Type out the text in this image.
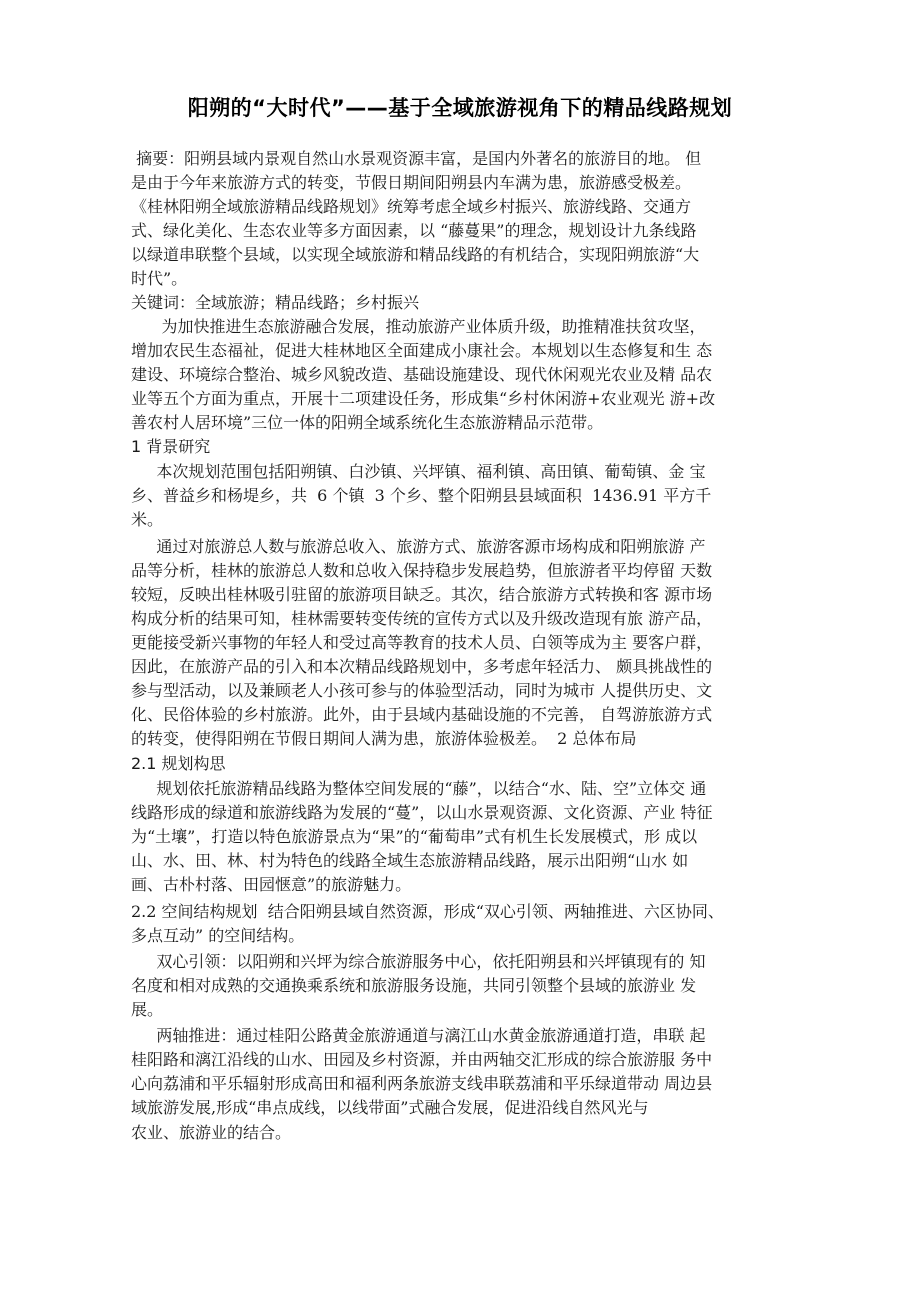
阳朔的“大时代”——基于全域旅游视角下的精品线路规划
摘要：阳朔县域内景观自然山水景观资源丰富，是国内外著名的旅游目的地。 但
是由于今年来旅游方式的转变，节假日期间阳朔县内车满为患，旅游感受极差。
《桂林阳朔全域旅游精品线路规划》统筹考虑全域乡村振兴、旅游线路、交通方
式、绿化美化、生态农业等多方面因素，以 “藤蔓果”的理念，规划设计九条线路
以绿道串联整个县域，以实现全域旅游和精品线路的有机结合，实现阳朔旅游“大
时代”。
关键词：全域旅游；精品线路；乡村振兴
为加快推进生态旅游融合发展，推动旅游产业体质升级，助推精准扶贫攻坚，
增加农民生态福祉，促进大桂林地区全面建成小康社会。本规划以生态修复和生 态
建设、环境综合整治、城乡风貌改造、基础设施建设、现代休闲观光农业及精 品农
业等五个方面为重点，开展十二项建设任务，形成集“乡村休闲游+农业观光 游+改
善农村人居环境”三位一体的阳朔全域系统化生态旅游精品示范带。
1 背景研究
本次规划范围包括阳朔镇、白沙镇、兴坪镇、福利镇、高田镇、葡萄镇、金 宝
乡、普益乡和杨堤乡，共  6 个镇  3 个乡、整个阳朔县县域面积  1436.91 平方千
米。
通过对旅游总人数与旅游总收入、旅游方式、旅游客源市场构成和阳朔旅游 产
品等分析，桂林的旅游总人数和总收入保持稳步发展趋势，但旅游者平均停留 天数
较短，反映出桂林吸引驻留的旅游项目缺乏。其次，结合旅游方式转换和客 源市场
构成分析的结果可知，桂林需要转变传统的宣传方式以及升级改造现有旅 游产品，
更能接受新兴事物的年轻人和受过高等教育的技术人员、白领等成为主 要客户群，
因此，在旅游产品的引入和本次精品线路规划中，多考虑年轻活力、 颇具挑战性的
参与型活动，以及兼顾老人小孩可参与的体验型活动，同时为城市 人提供历史、文
化、民俗体验的乡村旅游。此外，由于县域内基础设施的不完善， 自驾游旅游方式
的转变，使得阳朔在节假日期间人满为患，旅游体验极差。  2 总体布局
2.1 规划构思
规划依托旅游精品线路为整体空间发展的“藤”，以结合“水、陆、空”立体交 通
线路形成的绿道和旅游线路为发展的“蔓”，以山水景观资源、文化资源、产业 特征
为“土壤”，打造以特色旅游景点为“果”的“葡萄串”式有机生长发展模式，形 成以
山、水、田、林、村为特色的线路全域生态旅游精品线路，展示出阳朔“山水 如
画、古朴村落、田园惬意”的旅游魅力。
2.2 空间结构规划  结合阳朔县域自然资源，形成“双心引领、两轴推进、六区协同、
多点互动” 的空间结构。
双心引领：以阳朔和兴坪为综合旅游服务中心，依托阳朔县和兴坪镇现有的 知
名度和相对成熟的交通换乘系统和旅游服务设施，共同引领整个县域的旅游业 发
展。
两轴推进：通过桂阳公路黄金旅游通道与漓江山水黄金旅游通道打造，串联 起
桂阳路和漓江沿线的山水、田园及乡村资源，并由两轴交汇形成的综合旅游服 务中
心向荔浦和平乐辐射形成高田和福利两条旅游支线串联荔浦和平乐绿道带动 周边县
域旅游发展,形成“串点成线，以线带面”式融合发展，促进沿线自然风光与
农业、旅游业的结合。
